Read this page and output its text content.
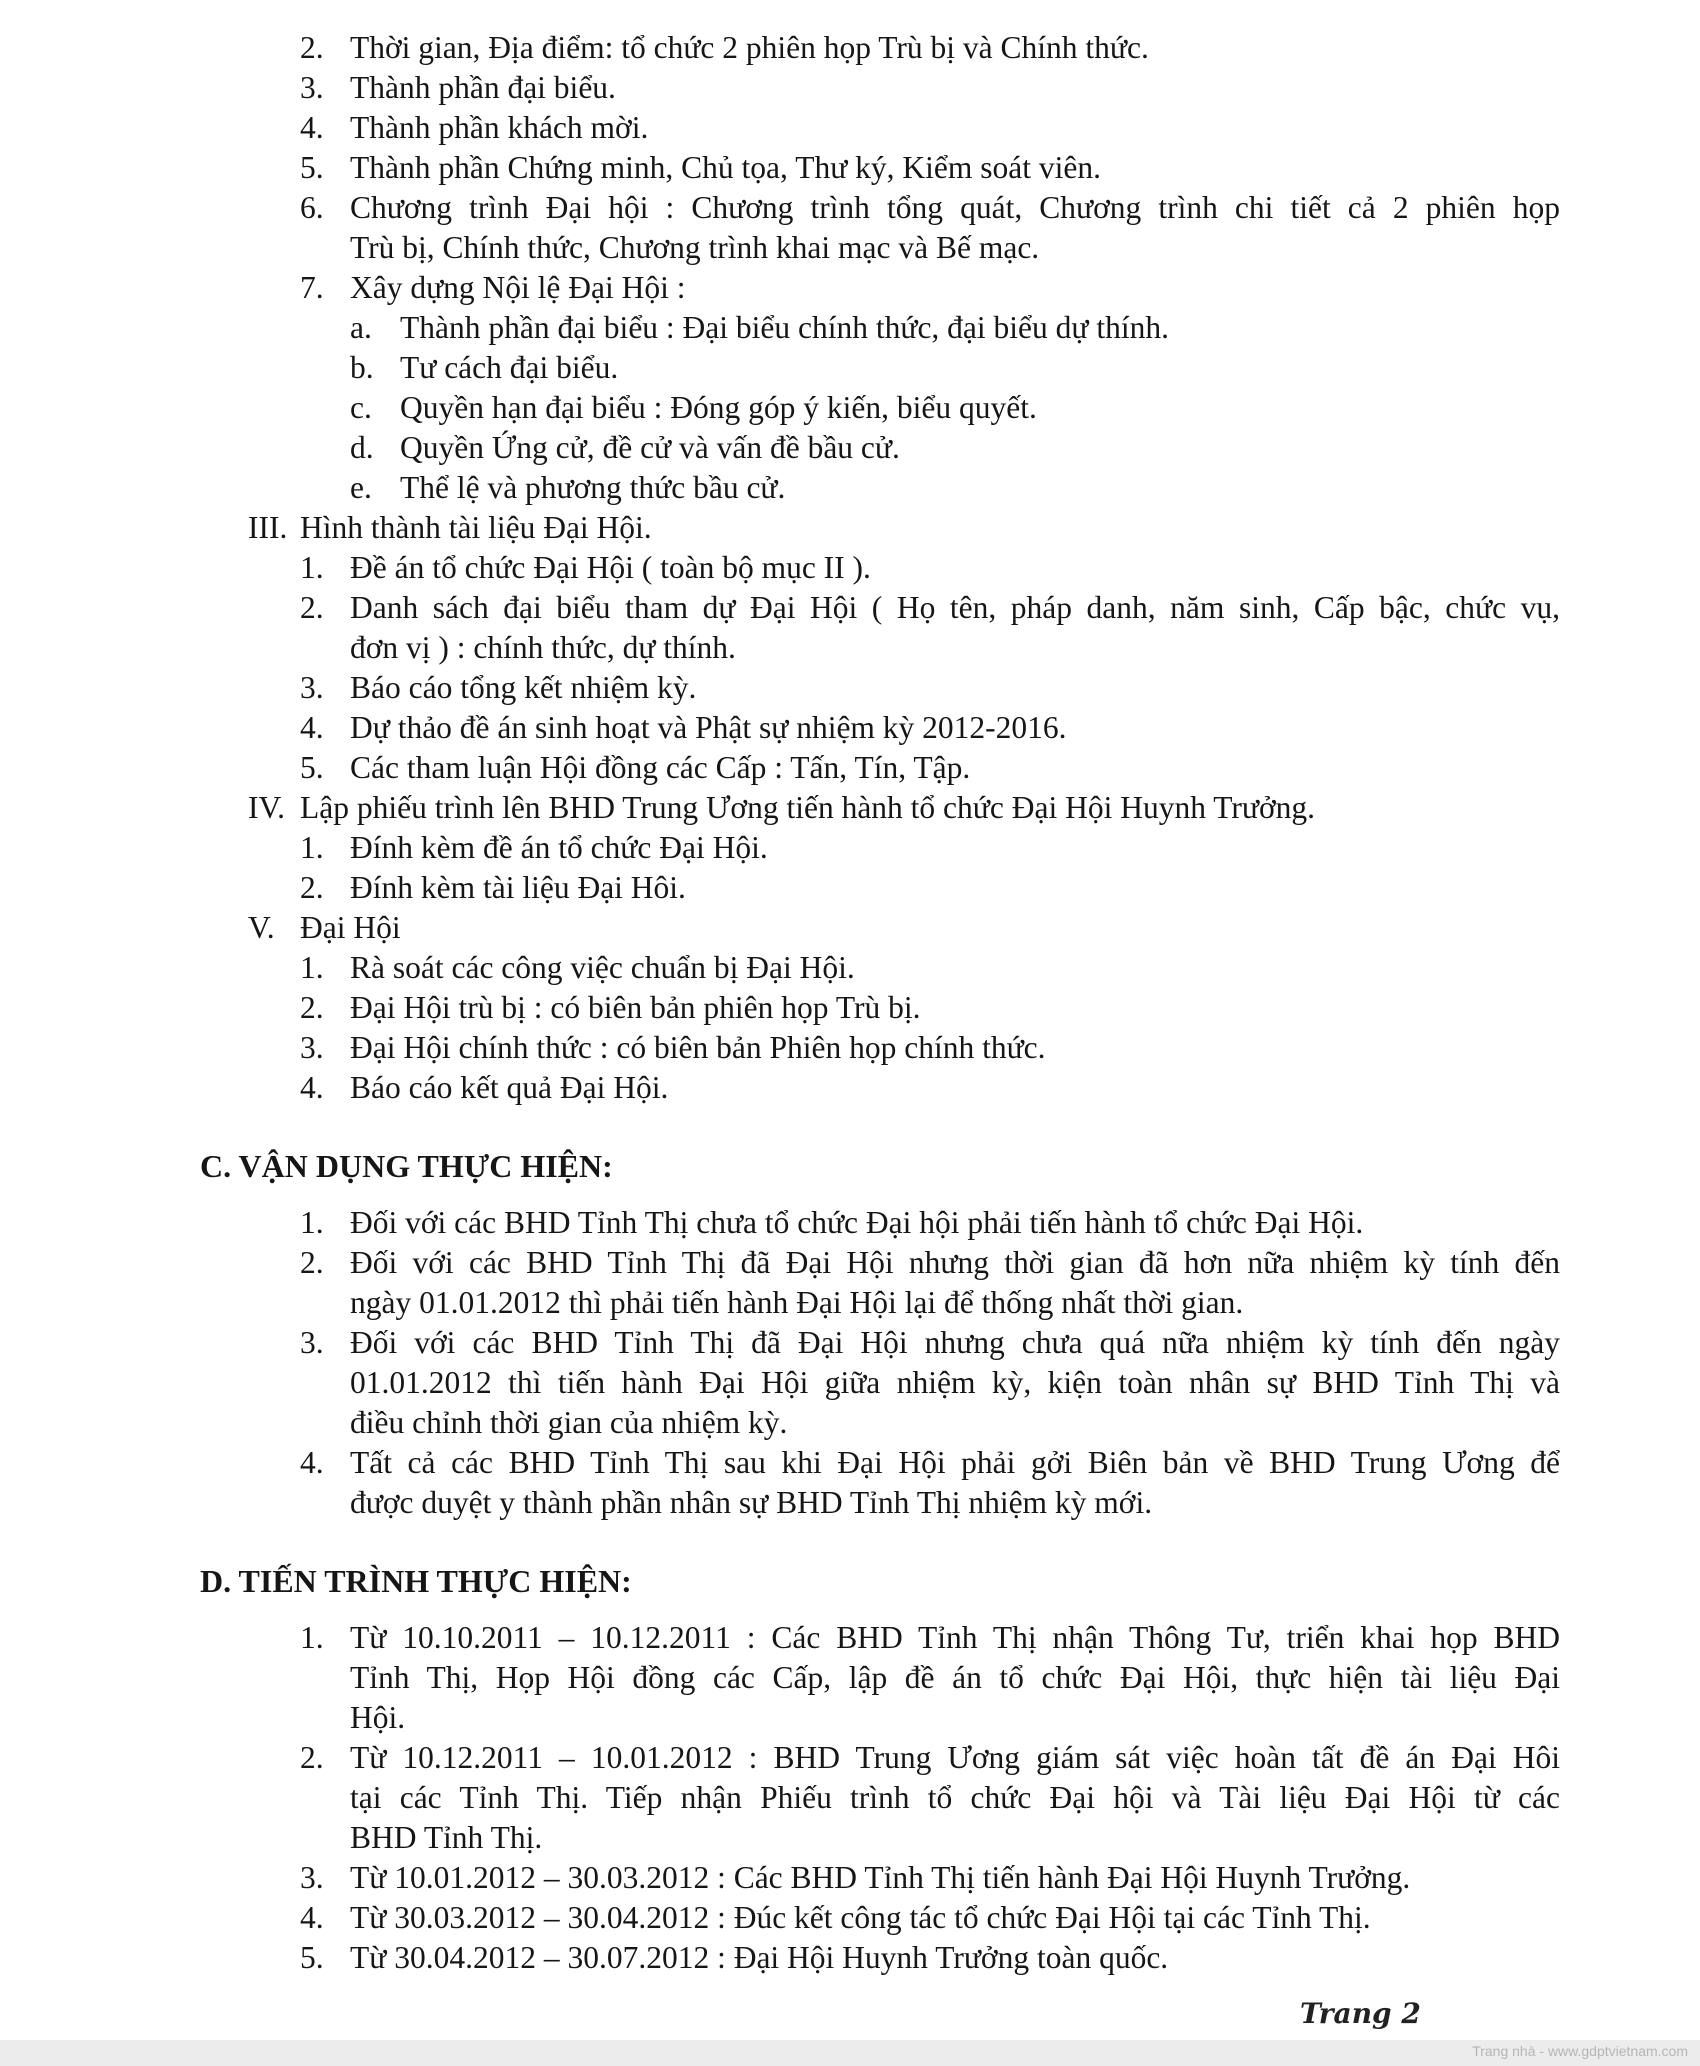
2. Thời gian, Địa điểm: tổ chức 2 phiên họp Trù bị và Chính thức.
3. Thành phần đại biểu.
4. Thành phần khách mời.
5. Thành phần Chứng minh, Chủ tọa, Thư ký, Kiểm soát viên.
6. Chương trình Đại hội : Chương trình tổng quát, Chương trình chi tiết cả 2 phiên họp
Trù bị, Chính thức, Chương trình khai mạc và Bế mạc.
7. Xây dựng Nội lệ Đại Hội :
a. Thành phần đại biểu : Đại biểu chính thức, đại biểu dự thính.
b. Tư cách đại biểu.
c. Quyền hạn đại biểu : Đóng góp ý kiến, biểu quyết.
d. Quyền Ứng cử, đề cử và vấn đề bầu cử.
e. Thể lệ và phương thức bầu cử.
III. Hình thành tài liệu Đại Hội.
1. Đề án tổ chức Đại Hội ( toàn bộ mục II ).
2. Danh sách đại biểu tham dự Đại Hội ( Họ tên, pháp danh, năm sinh, Cấp bậc, chức vụ,
đơn vị ) : chính thức, dự thính.
3. Báo cáo tổng kết nhiệm kỳ.
4. Dự thảo đề án sinh hoạt và Phật sự nhiệm kỳ 2012-2016.
5. Các tham luận Hội đồng các Cấp : Tấn, Tín, Tập.
IV. Lập phiếu trình lên BHD Trung Ương tiến hành tổ chức Đại Hội Huynh Trưởng.
1. Đính kèm đề án tổ chức Đại Hội.
2. Đính kèm tài liệu Đại Hôi.
V. Đại Hội
1. Rà soát các công việc chuẩn bị Đại Hội.
2. Đại Hội trù bị : có biên bản phiên họp Trù bị.
3. Đại Hội chính thức : có biên bản Phiên họp chính thức.
4. Báo cáo kết quả Đại Hội.
C. VẬN DỤNG THỰC HIỆN:
1. Đối với các BHD Tỉnh Thị chưa tổ chức Đại hội phải tiến hành tổ chức Đại Hội.
2. Đối với các BHD Tỉnh Thị đã Đại Hội nhưng thời gian đã hơn nữa nhiệm kỳ tính đến
ngày 01.01.2012 thì phải tiến hành Đại Hội lại để thống nhất thời gian.
3. Đối với các BHD Tỉnh Thị đã Đại Hội nhưng chưa quá nữa nhiệm kỳ tính đến ngày
01.01.2012 thì tiến hành Đại Hội giữa nhiệm kỳ, kiện toàn nhân sự BHD Tỉnh Thị và
điều chỉnh thời gian của nhiệm kỳ.
4. Tất cả các BHD Tỉnh Thị sau khi Đại Hội phải gởi Biên bản về BHD Trung Ương để
được duyệt y thành phần nhân sự BHD Tỉnh Thị nhiệm kỳ mới.
D. TIẾN TRÌNH THỰC HIỆN:
1. Từ 10.10.2011 – 10.12.2011 : Các BHD Tỉnh Thị nhận Thông Tư, triển khai họp BHD
Tỉnh Thị, Họp Hội đồng các Cấp, lập đề án tổ chức Đại Hội, thực hiện tài liệu Đại
Hội.
2. Từ 10.12.2011 – 10.01.2012 : BHD Trung Ương giám sát việc hoàn tất đề án Đại Hôi
tại các Tỉnh Thị. Tiếp nhận Phiếu trình tổ chức Đại hội và Tài liệu Đại Hội từ các
BHD Tỉnh Thị.
3. Từ 10.01.2012 – 30.03.2012 : Các BHD Tỉnh Thị tiến hành Đại Hội Huynh Trưởng.
4. Từ 30.03.2012 – 30.04.2012 : Đúc kết công tác tổ chức Đại Hội tại các Tỉnh Thị.
5. Từ 30.04.2012 – 30.07.2012 : Đại Hội Huynh Trưởng toàn quốc.
Trang 2
Trang nhà - www.gdptvietnam.com
